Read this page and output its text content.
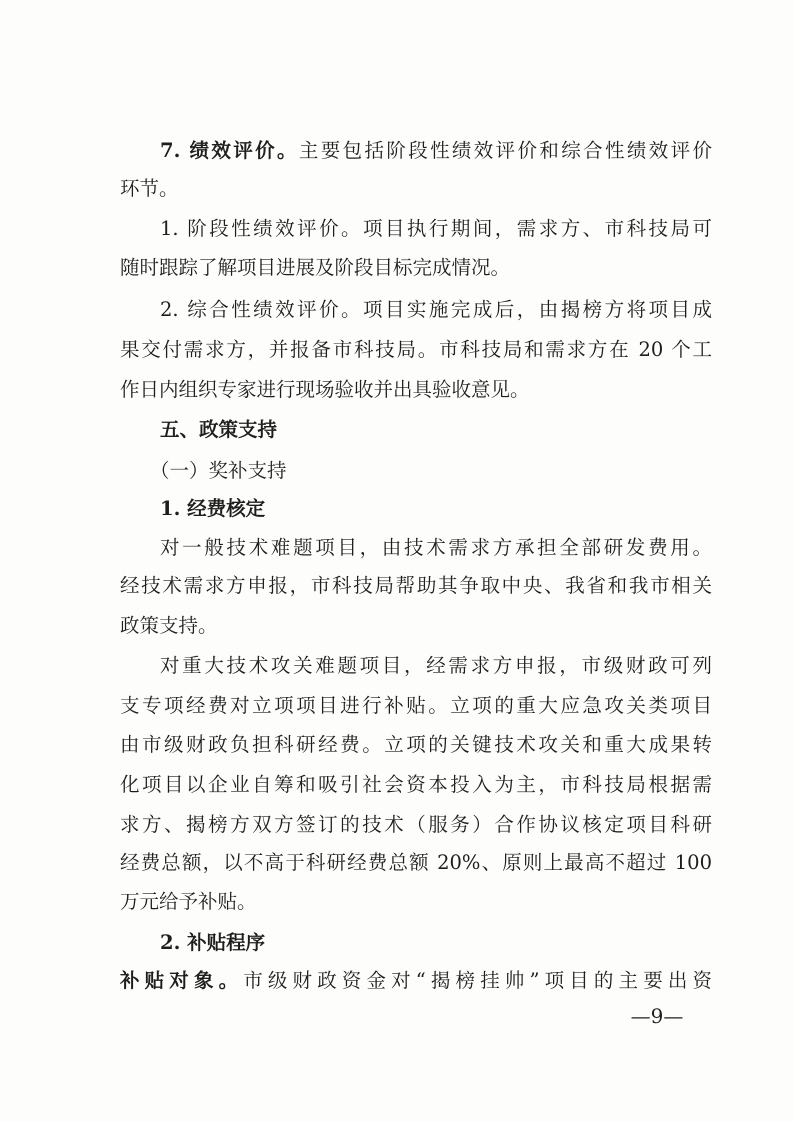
7. 绩效评价。主要包括阶段性绩效评价和综合性绩效评价
环节。
1. 阶段性绩效评价。项目执行期间，需求方、市科技局可
随时跟踪了解项目进展及阶段目标完成情况。
2. 综合性绩效评价。项目实施完成后，由揭榜方将项目成
果交付需求方，并报备市科技局。市科技局和需求方在 20 个工
作日内组织专家进行现场验收并出具验收意见。
五、政策支持
（一）奖补支持
1. 经费核定
对一般技术难题项目，由技术需求方承担全部研发费用。
经技术需求方申报，市科技局帮助其争取中央、我省和我市相关
政策支持。
对重大技术攻关难题项目，经需求方申报，市级财政可列
支专项经费对立项项目进行补贴。立项的重大应急攻关类项目
由市级财政负担科研经费。立项的关键技术攻关和重大成果转
化项目以企业自筹和吸引社会资本投入为主，市科技局根据需
求方、揭榜方双方签订的技术（服务）合作协议核定项目科研
经费总额，以不高于科研经费总额 20%、原则上最高不超过 100
万元给予补贴。
2. 补贴程序
补贴对象。市级财政资金对“揭榜挂帅”项目的主要出资
—9—
